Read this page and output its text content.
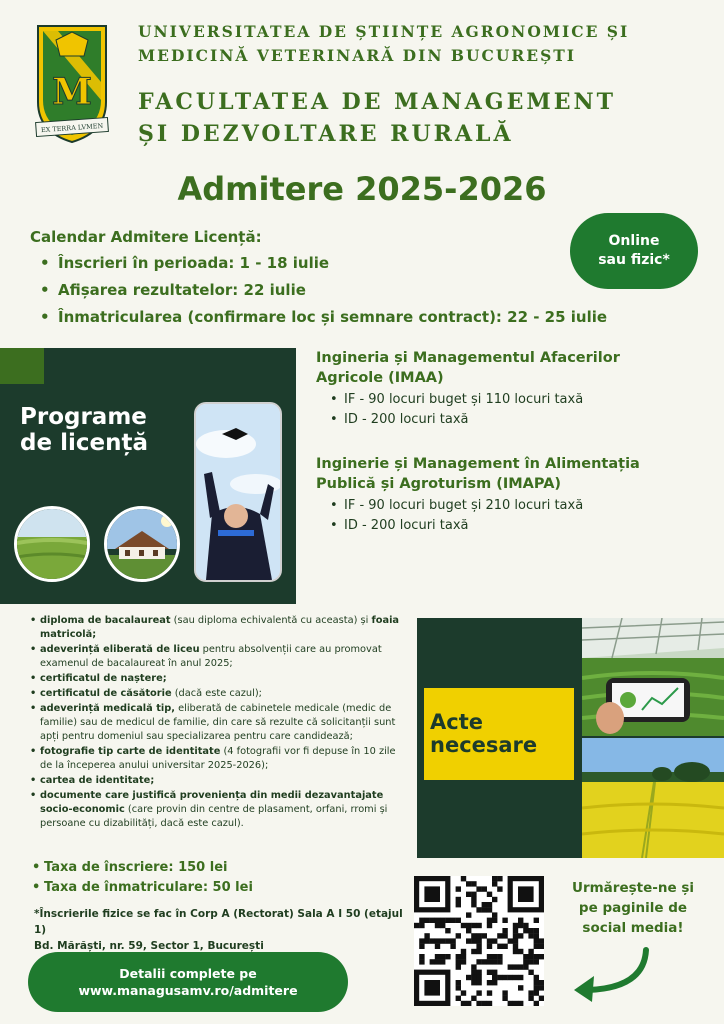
M
EX TERRA LVMEN
UNIVERSITATEA DE ȘTIINȚE AGRONOMICE ȘI
MEDICINĂ VETERINARĂ DIN BUCUREȘTI
FACULTATEA DE MANAGEMENT
ȘI DEZVOLTARE RURALĂ
Admitere 2025-2026
Calendar Admitere Licență:
• Înscrieri în perioada: 1 - 18 iulie
• Afișarea rezultatelor: 22 iulie
• Înmatricularea (confirmare loc și semnare contract): 22 - 25 iulie
Online
sau fizic*
Programe
de licență
Ingineria și Managementul Afacerilor
Agricole (IMAA)
• IF - 90 locuri buget și 110 locuri taxă
• ID - 200 locuri taxă
Inginerie și Management în Alimentația
Publică și Agroturism (IMAPA)
• IF - 90 locuri buget și 210 locuri taxă
• ID - 200 locuri taxă
• diploma de bacalaureat (sau diploma echivalentă cu aceasta) și foaia matricolă;
• adeverință eliberată de liceu pentru absolvenții care au promovat examenul de bacalaureat în anul 2025;
• certificatul de naștere;
• certificatul de căsătorie (dacă este cazul);
• adeverință medicală tip, eliberată de cabinetele medicale (medic de familie) sau de medicul de familie, din care să rezulte că solicitanții sunt apți pentru domeniul sau specializarea pentru care candidează;
• fotografie tip carte de identitate (4 fotografii vor fi depuse în 10 zile de la începerea anului universitar 2025-2026);
• cartea de identitate;
• documente care justifică proveniența din medii dezavantajate socio-economic (care provin din centre de plasament, orfani, rromi și persoane cu dizabilități, dacă este cazul).
• Taxa de înscriere: 150 lei
• Taxa de înmatriculare: 50 lei
*Înscrierile fizice se fac în Corp A (Rectorat) Sala A I 50 (etajul 1)
Bd. Mărăști, nr. 59, Sector 1, București
Detalii complete pe
www.managusamv.ro/admitere
Acte
necesare
Urmărește-ne și
pe paginile de
social media!
